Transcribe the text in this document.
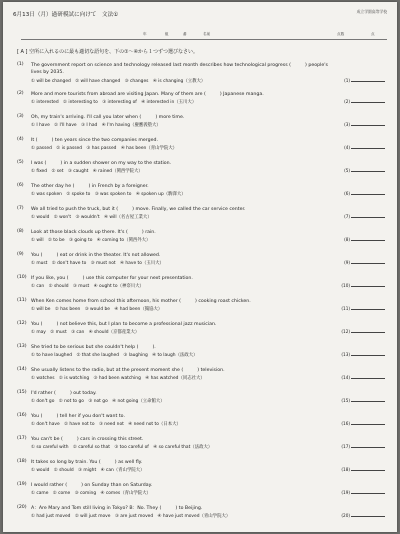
6月13日（月）過研模試に向けて　文法①
成立学園高等学校
年	組	番	名前	点数	点
[ A ] 空所に入れるのに最も適切な語句を、下の①～④から１つずつ選びなさい。
(1)	The government report on science and technology released last month describes how technological progress (　　　) people's
lives by 2035.
① will be changed　② will have changed　③ changes　④ is changing（立教大）	(1)
(2)	More and more tourists from abroad are visiting Japan. Many of them are (　　　) Japanese manga.
① interested　② interesting to　③ interesting of　④ interested in（玉川大）	(2)
(3)	Oh, my train's arriving. I'll call you later when (　　　) more time.
① I have　② I'll have　③ I had　④ I'm having（慶應義塾大）	(3)
(4)	It (　　　) ten years since the two companies merged.
① passed　② is passed　③ has passed　④ has been（青山学院大）	(4)
(5)	I was (　　　) in a sudden shower on my way to the station.
① fixed　② set　③ caught　④ rained（関西学院大）	(5)
(6)	The other day he (　　　) in French by a foreigner.
① was spoken　② spoke to　③ was spoken to　④ spoken up（駒澤大）	(6)
(7)	We all tried to push the truck, but it (　　　) move. Finally, we called the car service center.
① would　② won't　③ wouldn't　④ will（名古屋工業大）	(7)
(8)	Look at those black clouds up there. It's (　　　) rain.
① will　② to be　③ going to　④ coming to（関西外大）	(8)
(9)	You (　　　) eat or drink in the theater. It's not allowed.
① must　② don't have to　③ must not　④ have to（玉川大）	(9)
(10) If you like, you (　　　) use this computer for your next presentation.
① can　② should　③ must　④ ought to（神奈川大）	(10)
(11) When Ken comes home from school this afternoon, his mother (　　　) cooking roast chicken.
① will be　② has been　③ would be　④ had been（獨協大）	(11)
(12) You (　　　) not believe this, but I plan to become a professional jazz musician.
① may　② must　③ can　④ should（京都産業大）	(12)
(13) She tried to be serious but she couldn't help (　　　).
① to have laughed　② that she laughed　③ laughing　④ to laugh（法政大）	(13)
(14) She usually listens to the radio, but at the present moment she (　　　) television.
① watches　② is watching　③ had been watching　④ has watched（同志社大）	(14)
(15) I'd rather (　　　) out today.
① don't go　② not to go　③ not go　④ not going（立命館大）	(15)
(16) You (　　　) tell her if you don't want to.
① don't have　② have not to　③ need not　④ need not to（日本大）	(16)
(17) You can't be (　　　) cars in crossing this street.
① so careful with　② careful so that　③ too careful of　④ so careful that（法政大）	(17)
(18) It takes so long by train. You (　　　) as well fly.
① would　② should　③ might　④ can（青山学院大）	(18)
(19) I would rather (　　　) on Sunday than on Saturday.
① came　② come　③ coming　④ comes（青山学院大）	(19)
(20) A：Are Mary and Tom still living in Tokyo? B：No. They (　　　) to Beijing.
① had just moved　② will just move　③ are just moved　④ have just moved（青山学院大）	(20)
